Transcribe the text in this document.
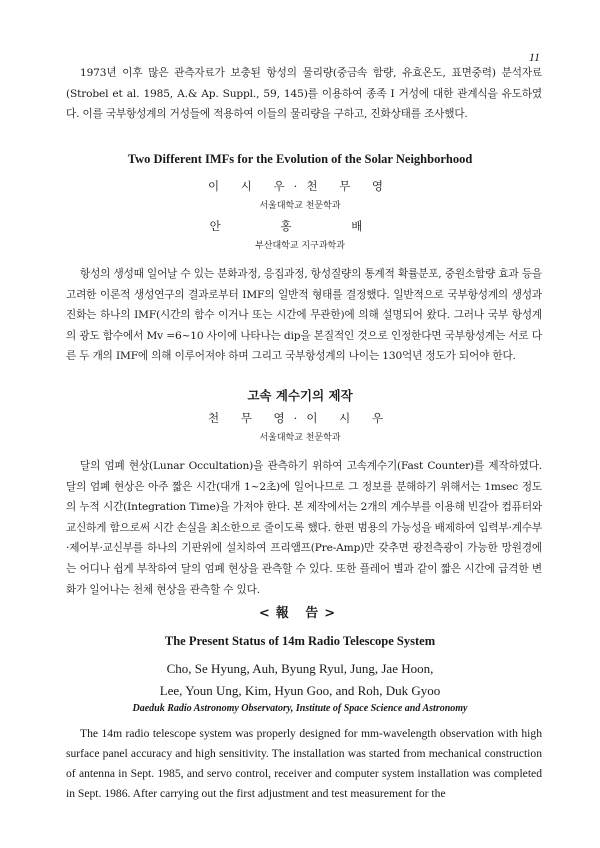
11

1973년 이후 많은 관측자료가 보충된 항성의 물리량(중금속 함량, 유효온도, 표면중력) 분석자료(Strobel et al. 1985, A.& Ap. Suppl., 59, 145)를 이용하여 종족 I 거성에 대한 관계식을 유도하였다. 이를 국부항성계의 거성들에 적용하여 이들의 물리량을 구하고, 진화상태를 조사했다.

Two Different IMFs for the Evolution of the Solar Neighborhood
이 시 우·천 무 영
서울대학교 천문학과
안 홍 배
부산대학교 지구과학과

항성의 생성때 일어날 수 있는 분화과정, 응집과정, 항성질량의 통계적 확률분포, 중원소함량 효과 등을 고려한 이론적 생성연구의 결과로부터 IMF의 일반적 형태를 결정했다. 일반적으로 국부항성계의 생성과 진화는 하나의 IMF(시간의 함수 이거나 또는 시간에 무관한)에 의해 설명되어 왔다. 그러나 국부 항성계의 광도 함수에서 Mv =6~10 사이에 나타나는 dip을 본질적인 것으로 인정한다면 국부항성계는 서로 다른 두 개의 IMF에 의해 이루어져야 하며 그리고 국부항성계의 나이는 130억년 정도가 되어야 한다.

고속 계수기의 제작
천 무 영·이 시 우
서울대학교 천문학과

달의 엄폐 현상(Lunar Occultation)을 관측하기 위하여 고속계수기(Fast Counter)를 제작하였다. 달의 엄폐 현상은 아주 짧은 시간(대개 1~2초)에 일어나므로 그 정보를 분해하기 위해서는 1msec 정도의 누적 시간(Integration Time)을 가져야 한다. 본 제작에서는 2개의 계수부를 이용해 빈갈아 컴퓨터와 교신하게 함으로써 시간 손실을 최소한으로 줄이도록 했다. 한편 범용의 가능성을 배제하여 입력부·계수부·제어부·교신부를 하나의 기판위에 설치하여 프리앰프(Pre-Amp)만 갖추면 광전측광이 가능한 망원경에는 어디나 쉽게 부착하여 달의 엄폐 현상을 관측할 수 있다. 또한 플레어 별과 같이 짧은 시간에 급격한 변화가 일어나는 천체 현상을 관측할 수 있다.

<報 告>
The Present Status of 14m Radio Telescope System
Cho, Se Hyung, Auh, Byung Ryul, Jung, Jae Hoon,
Lee, Youn Ung, Kim, Hyun Goo, and Roh, Duk Gyoo
Daeduk Radio Astronomy Observatory, Institute of Space Science and Astronomy

The 14m radio telescope system was properly designed for mm-wavelength observation with high surface panel accuracy and high sensitivity. The installation was started from mechanical construction of antenna in Sept. 1985, and servo control, receiver and computer system installation was completed in Sept. 1986. After carrying out the first adjustment and test measurement for the
